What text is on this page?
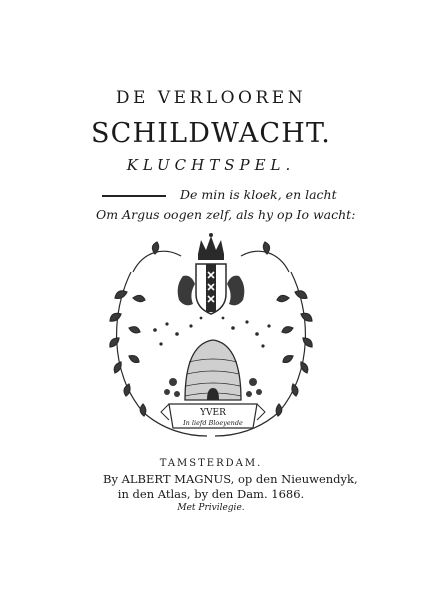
DE VERLOOREN
SCHILDWACHT.
KLUCHTSPEL.
De min is kloek, en lacht
Om Argus oogen zelf, als hy op Io wacht:
YVER
In liefd Bloeyende
TAMSTERDAM.
By ALBERT MAGNUS, op den Nieuwendyk,
in den Atlas, by den Dam. 1686.
Met Privilegie.
